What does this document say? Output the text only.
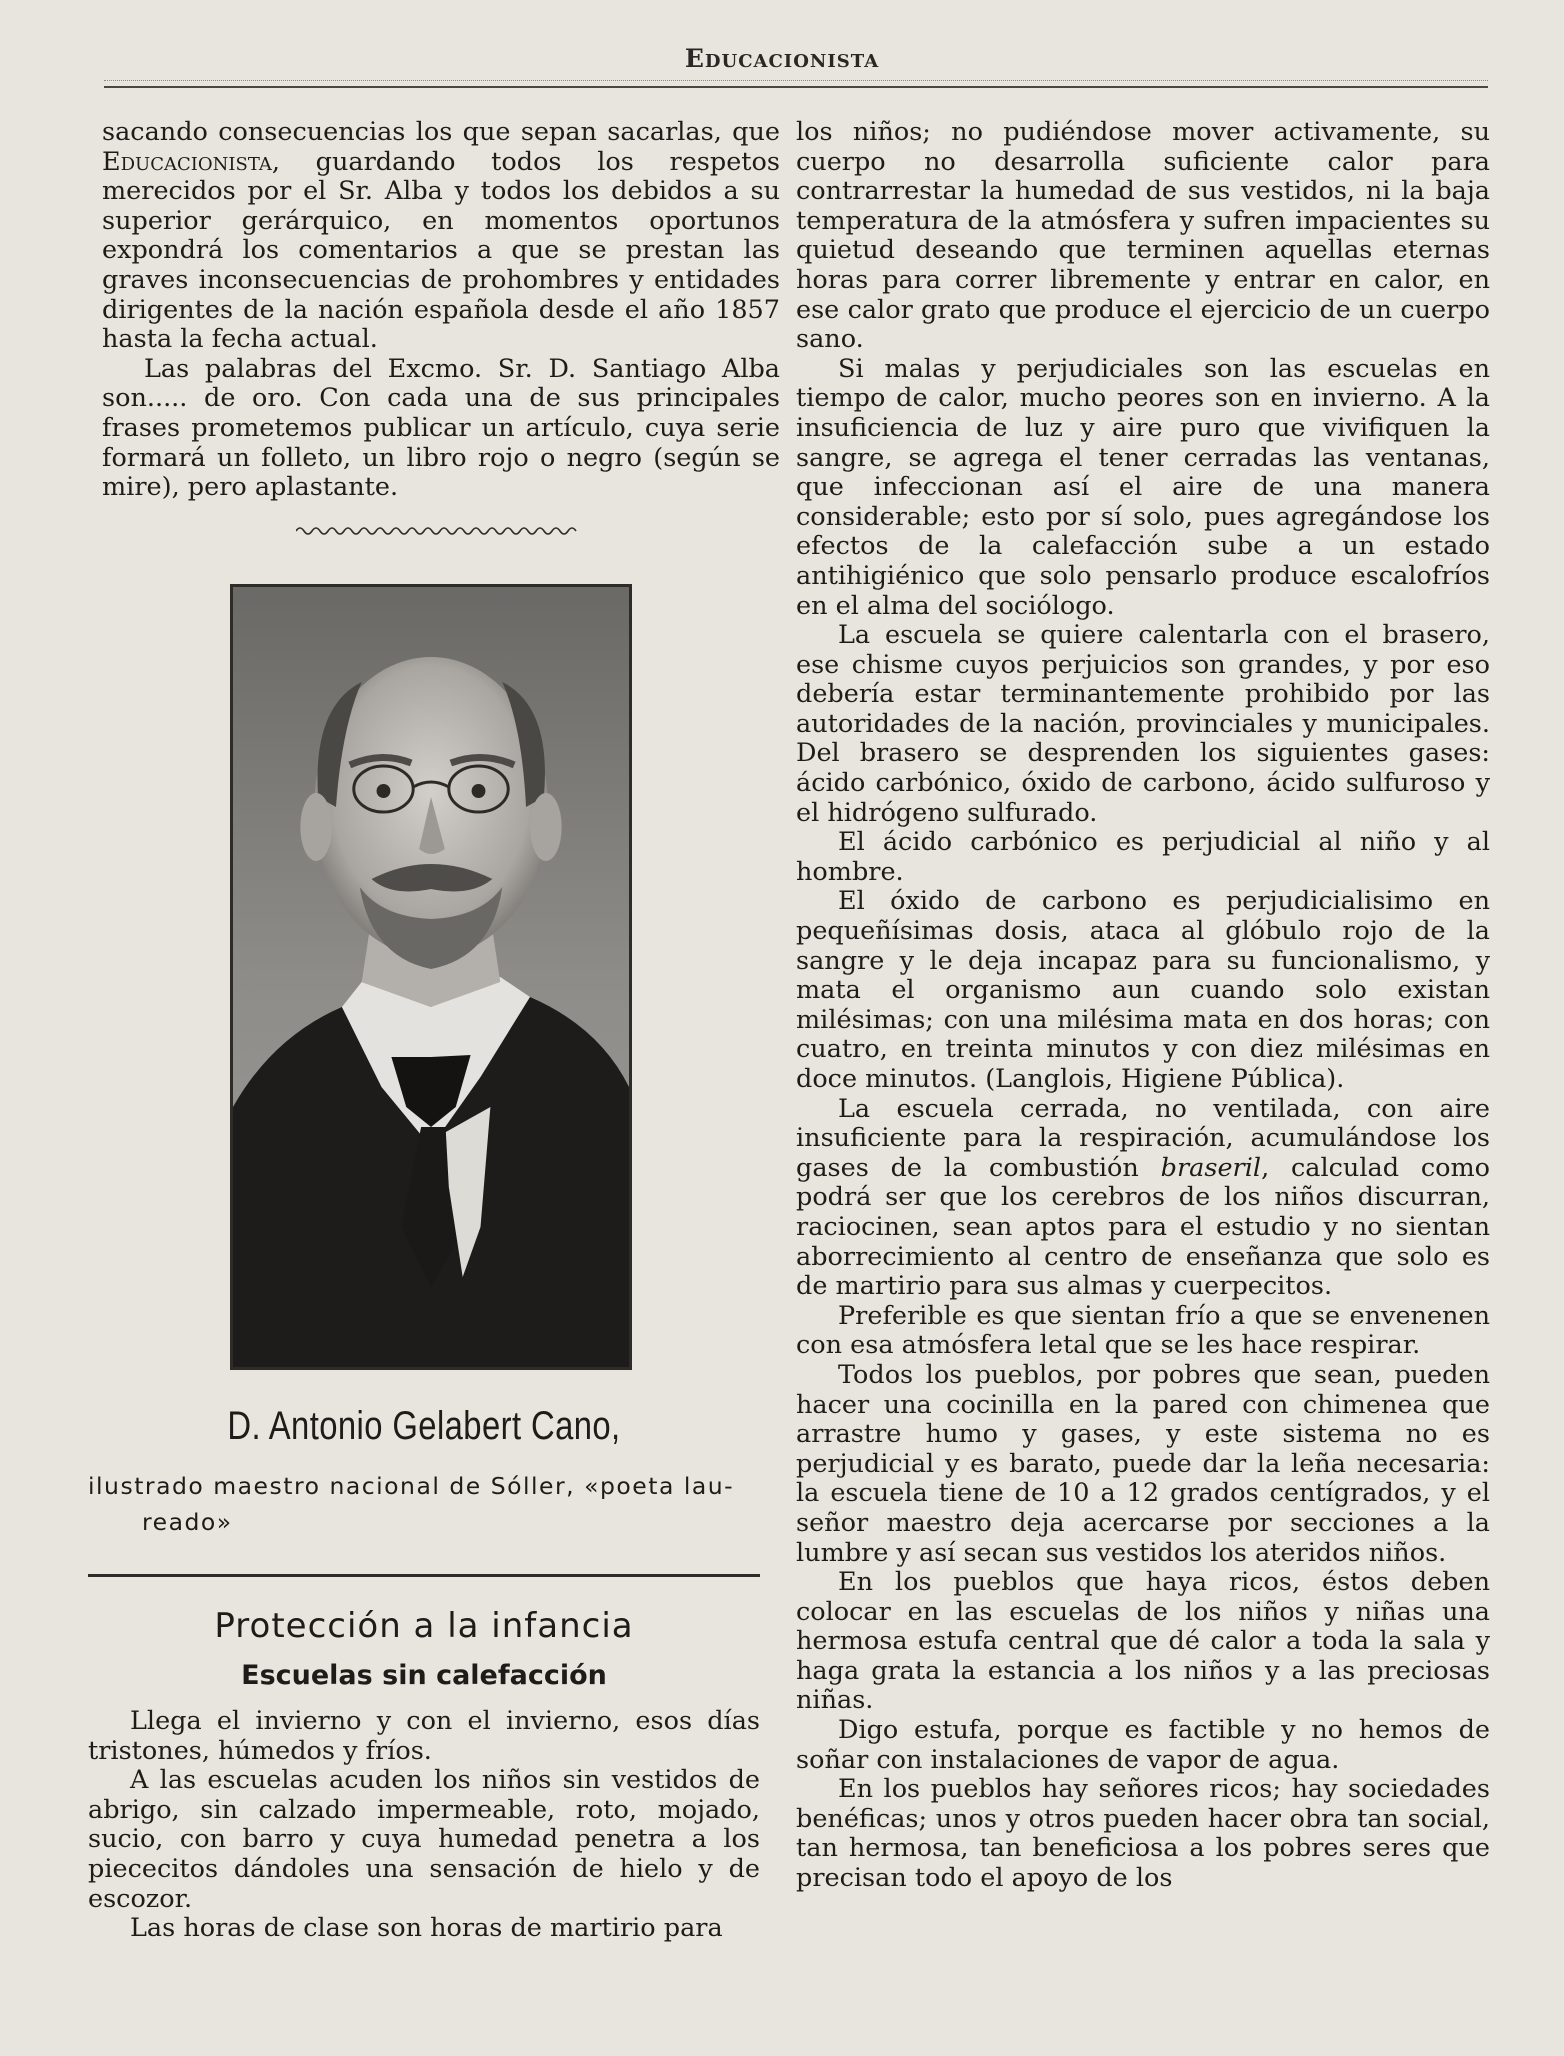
Educacionista

sacando consecuencias los que sepan sacarlas, que Educacionista, guardando todos los respetos merecidos por el Sr. Alba y todos los debidos a su superior gerárquico, en momentos oportunos expondrá los comentarios a que se prestan las graves inconsecuencias de prohombres y entidades dirigentes de la nación española desde el año 1857 hasta la fecha actual.

Las palabras del Excmo. Sr. D. Santiago Alba son..... de oro. Con cada una de sus principales frases prometemos publicar un artículo, cuya serie formará un folleto, un libro rojo o negro (según se mire), pero aplastante.

D. Antonio Gelabert Cano,
ilustrado maestro nacional de Sóller, «poeta lau-
reado»
Protección a la infancia
Escuelas sin calefacción

Llega el invierno y con el invierno, esos días tristones, húmedos y fríos.

A las escuelas acuden los niños sin vestidos de abrigo, sin calzado impermeable, roto, mojado, sucio, con barro y cuya humedad penetra a los piececitos dándoles una sensación de hielo y de escozor.

Las horas de clase son horas de martirio para

los niños; no pudiéndose mover activamente, su cuerpo no desarrolla suficiente calor para contrarrestar la humedad de sus vestidos, ni la baja temperatura de la atmósfera y sufren impacientes su quietud deseando que terminen aquellas eternas horas para correr libremente y entrar en calor, en ese calor grato que produce el ejercicio de un cuerpo sano.

Si malas y perjudiciales son las escuelas en tiempo de calor, mucho peores son en invierno. A la insuficiencia de luz y aire puro que vivifiquen la sangre, se agrega el tener cerradas las ventanas, que infeccionan así el aire de una manera considerable; esto por sí solo, pues agregándose los efectos de la calefacción sube a un estado antihigiénico que solo pensarlo produce escalofríos en el alma del sociólogo.

La escuela se quiere calentarla con el brasero, ese chisme cuyos perjuicios son grandes, y por eso debería estar terminantemente prohibido por las autoridades de la nación, provinciales y municipales. Del brasero se desprenden los siguientes gases: ácido carbónico, óxido de carbono, ácido sulfuroso y el hidrógeno sulfurado.

El ácido carbónico es perjudicial al niño y al hombre.

El óxido de carbono es perjudicialisimo en pequeñísimas dosis, ataca al glóbulo rojo de la sangre y le deja incapaz para su funcionalismo, y mata el organismo aun cuando solo existan milésimas; con una milésima mata en dos horas; con cuatro, en treinta minutos y con diez milésimas en doce minutos. (Langlois, Higiene Pública).

La escuela cerrada, no ventilada, con aire insuficiente para la respiración, acumulándose los gases de la combustión braseril, calculad como podrá ser que los cerebros de los niños discurran, raciocinen, sean aptos para el estudio y no sientan aborrecimiento al centro de enseñanza que solo es de martirio para sus almas y cuerpecitos.

Preferible es que sientan frío a que se envenenen con esa atmósfera letal que se les hace respirar.

Todos los pueblos, por pobres que sean, pueden hacer una cocinilla en la pared con chimenea que arrastre humo y gases, y este sistema no es perjudicial y es barato, puede dar la leña necesaria: la escuela tiene de 10 a 12 grados centígrados, y el señor maestro deja acercarse por secciones a la lumbre y así secan sus vestidos los ateridos niños.

En los pueblos que haya ricos, éstos deben colocar en las escuelas de los niños y niñas una hermosa estufa central que dé calor a toda la sala y haga grata la estancia a los niños y a las preciosas niñas.

Digo estufa, porque es factible y no hemos de soñar con instalaciones de vapor de agua.

En los pueblos hay señores ricos; hay sociedades benéficas; unos y otros pueden hacer obra tan social, tan hermosa, tan beneficiosa a los pobres seres que precisan todo el apoyo de los
